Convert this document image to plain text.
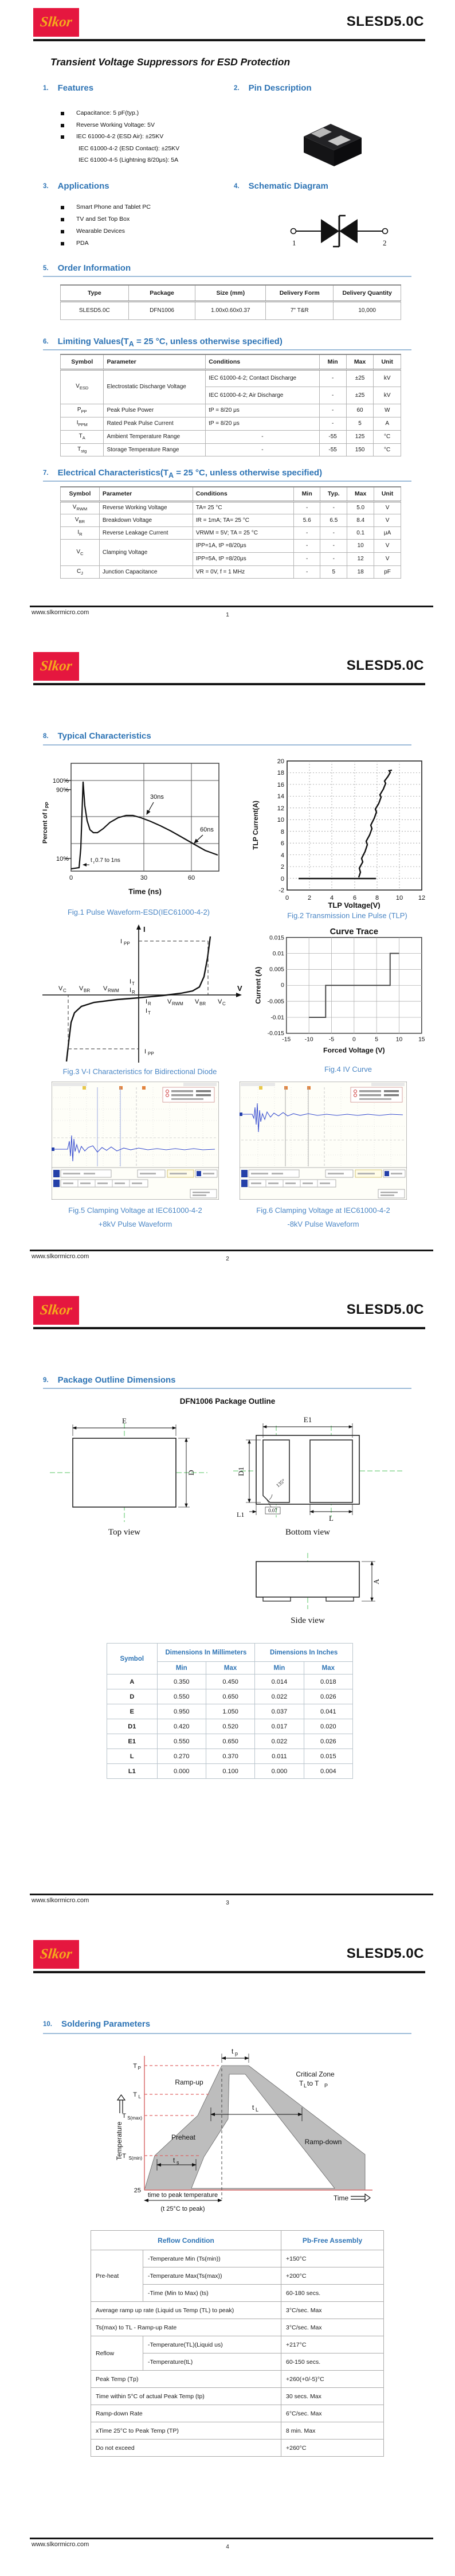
Slkor	SLESD5.0C
Transient Voltage Suppressors for ESD Protection
1. Features	2. Pin Description
Capacitance: 5 pF(typ.)
Reverse Working Voltage: 5V
IEC 61000-4-2 (ESD Air): ±25KV
IEC 61000-4-2 (ESD Contact): ±25KV
IEC 61000-4-5 (Lightning 8/20μs): 5A
3. Applications	4. Schematic Diagram
Smart Phone and Tablet PC
TV and Set Top Box
Wearable Devices
PDA	1	2
5. Order Information
Type	Package	Size (mm)	Delivery Form	Delivery Quantity
SLESD5.0C	DFN1006	1.00x0.60x0.37	7" T&R	10,000
6. Limiting $Values(T_A = 25$ °C, unless otherwise specified)
Symbol	Parameter	Conditions	Min	Max	Unit
$V_{ESD}$	Electrostatic Discharge Voltage	IEC 61000-4-2; Contact Discharge	-	±25	kV
		IEC 61000-4-2; Air Discharge	-	±25	kV
$P_{PP}$	Peak Pulse Power	tP = 8/20 μs	-	60	W
$I_{PPM}$	Rated Peak Pulse Current	tP = 8/20 μs	-	5	A
$T_A$	Ambient Temperature Range	-	-55	125	°C
$T_{stg}$	Storage Temperature Range	-	-55	150	°C
7. Electrical $Characteristics(T_A = 25$ °C, unless otherwise specified)
Symbol	Parameter	Conditions	Min	Typ.	Max	Unit
$V_{RWM}$	Reverse Working Voltage	TA= 25 °C	-	-	5.0	V
$V_{BR}$	Breakdown Voltage	IR = 1mA; TA= 25 °C	5.6	6.5	8.4	V
$I_R$	Reverse Leakage Current	VRWM = 5V; TA = 25 °C	-	-	0.1	μA
$V_C$	Clamping Voltage	IPP=1A, tP =8/20μs	-	-	10	V
		IPP=5A, tP =8/20μs	-	-	12	V
$C_J$	Junction Capacitance	VR = 0V, f = 1 MHz	-	5	18	pF
www.slkormicro.com	1
Slkor	SLESD5.0C
8. Typical Characteristics
100%
90%
10%
0	30	60
Time (ns)
Percent of I
PP
30ns
60ns
t r 0.7 to 1ns
Fig.1 Pulse Waveform-ESD(IEC61000-4-2)
20
18
16
14
12
10
8
6
4
2
0
-2
0	2	4	6	8	10 12
TLP Voltage(V)
TLP Current(A)
Fig.2 Transmission Line Pulse (TLP)
I
V
I PP
I PP
V C V BR V RWM
I T
I R
I R	V RWM V BR V C
I T
Fig.3 V-I Characteristics for Bidirectional Diode
Curve Trace
0.015
0.01
0.005
0
-0.005
-0.01
-0.015
-15 -10	-5	0	5	10	15
Forced Voltage (V)
Current (A)
Fig.4 IV Curve
Fig.5 Clamping Voltage at IEC61000-4-2
+8kV Pulse Waveform
Fig.6 Clamping Voltage at IEC61000-4-2
-8kV Pulse Waveform
www.slkormicro.com	2
Slkor	SLESD5.0C
9. Package Outline Dimensions
DFN1006 Package Outline
E
D
Top view
E1
D1
135°
0.07
L1	L
Bottom view
A
Side view
Symbol	Dimensions In Millimeters		Dimensions In Inches	
	Min	Max	Min	Max
A	0.350	0.450	0.014	0.018
D	0.550	0.650	0.022	0.026
E	0.950	1.050	0.037	0.041
D1	0.420	0.520	0.017	0.020
E1	0.550	0.650	0.022	0.026
L	0.270	0.370	0.011	0.015
L1	0.000	0.100	0.000	0.004
www.slkormicro.com	3
Slkor	SLESD5.0C
10. Soldering Parameters
T P
T L
T S(max)
T S(min)
25
t p
Ramp-up
Critical Zone
T L to T P
t L
Preheat
t s
Ramp-down
time to peak temperature
(t 25°C to peak)
Time
Temperature
Reflow Condition		Pb-Free Assembly
Pre-heat	-Temperature Min (Ts(min))	+150°C
	-Temperature Max(Ts(max))	+200°C
	-Time (Min to Max) (ts)	60-180 secs.
Average ramp up rate (Liquid us Temp (TL) to peak)		3°C/sec. Max
Ts(max) to TL - Ramp-up Rate		3°C/sec. Max
Reflow	-Temperature(TL)(Liquid us)	+217°C
	-Temperature(tL)	60-150 secs.
Peak Temp (Tp)		+260(+0/-5)°C
Time within 5°C of actual Peak Temp (tp)		30 secs. Max
Ramp-down Rate		6°C/sec. Max
xTime 25°C to Peak Temp (TP)		8 min. Max
Do not exceed		+260°C
www.slkormicro.com	4
